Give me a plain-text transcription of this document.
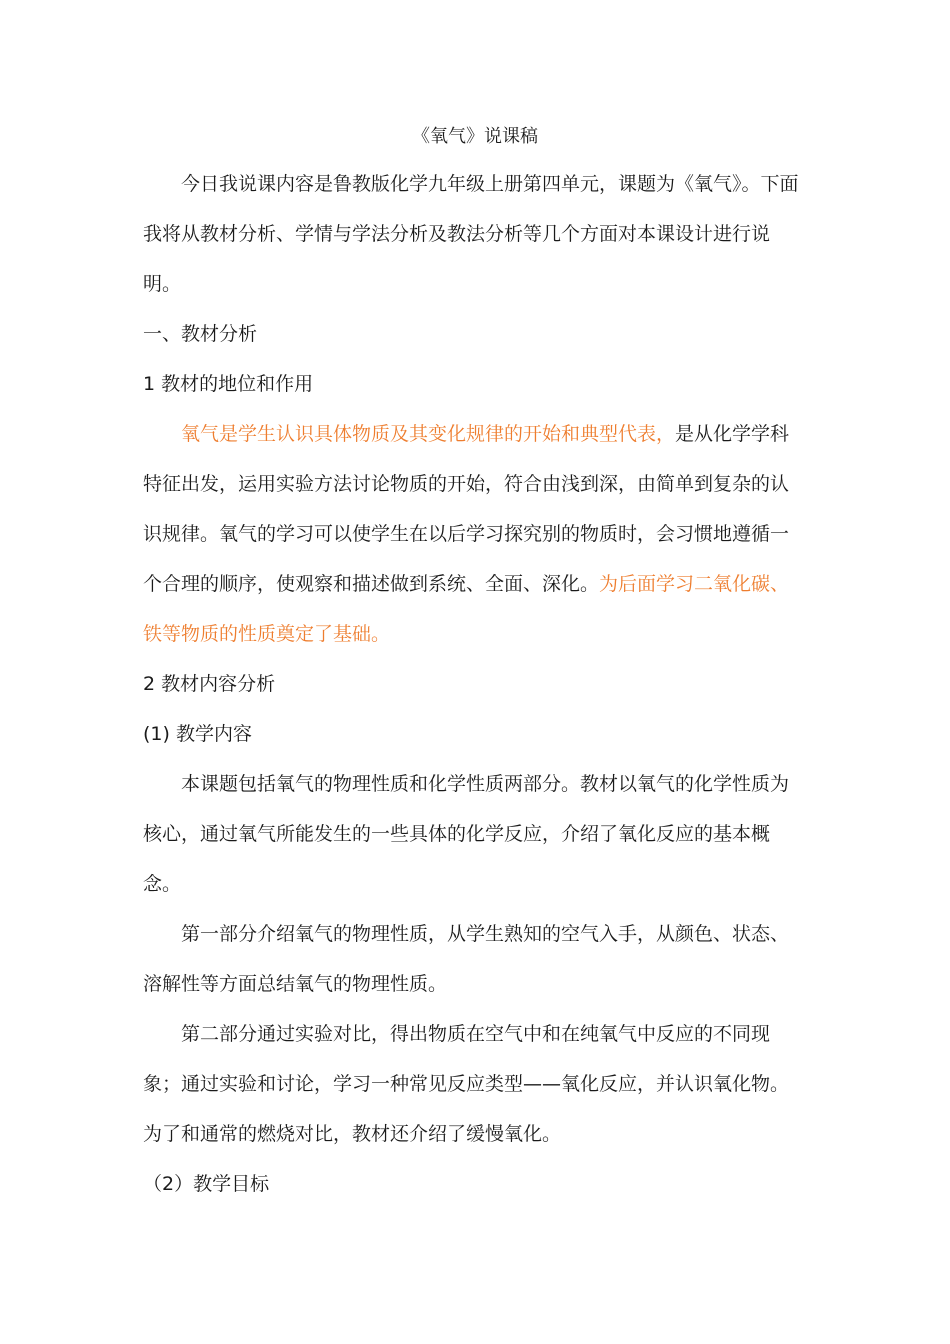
《氧气》说课稿

今日我说课内容是鲁教版化学九年级上册第四单元，课题为《氧气》。下面我将从教材分析、学情与学法分析及教法分析等几个方面对本课设计进行说明。

一、教材分析

1 教材的地位和作用

氧气是学生认识具体物质及其变化规律的开始和典型代表，是从化学学科特征出发，运用实验方法讨论物质的开始，符合由浅到深，由简单到复杂的认识规律。氧气的学习可以使学生在以后学习探究别的物质时，会习惯地遵循一个合理的顺序，使观察和描述做到系统、全面、深化。为后面学习二氧化碳、铁等物质的性质奠定了基础。

2 教材内容分析

(1) 教学内容

本课题包括氧气的物理性质和化学性质两部分。教材以氧气的化学性质为核心，通过氧气所能发生的一些具体的化学反应，介绍了氧化反应的基本概念。

第一部分介绍氧气的物理性质，从学生熟知的空气入手，从颜色、状态、溶解性等方面总结氧气的物理性质。

第二部分通过实验对比，得出物质在空气中和在纯氧气中反应的不同现象；通过实验和讨论，学习一种常见反应类型——氧化反应，并认识氧化物。为了和通常的燃烧对比，教材还介绍了缓慢氧化。

（2）教学目标
